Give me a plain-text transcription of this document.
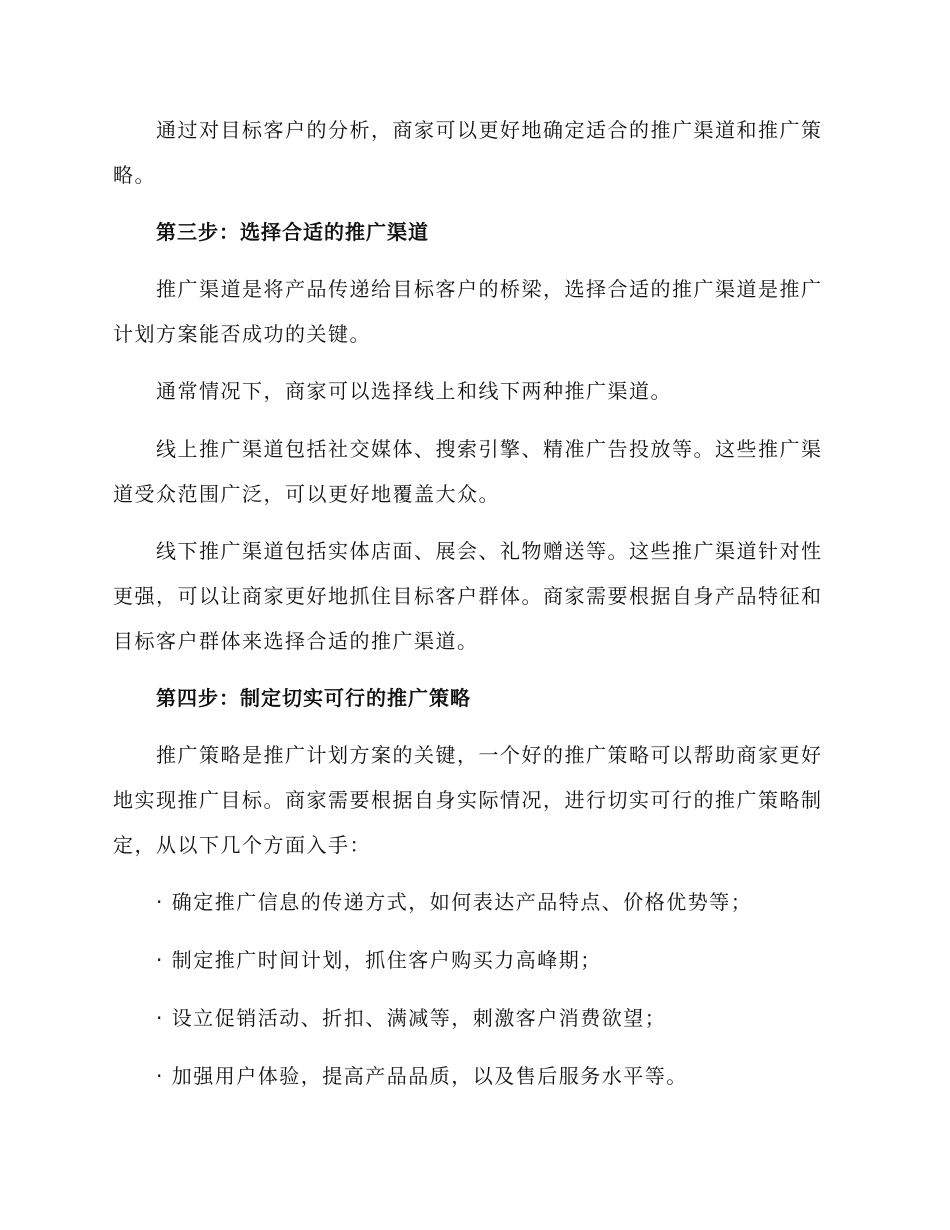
通过对目标客户的分析，商家可以更好地确定适合的推广渠道和推广策
略。
第三步：选择合适的推广渠道
推广渠道是将产品传递给目标客户的桥梁，选择合适的推广渠道是推广
计划方案能否成功的关键。
通常情况下，商家可以选择线上和线下两种推广渠道。
线上推广渠道包括社交媒体、搜索引擎、精准广告投放等。这些推广渠
道受众范围广泛，可以更好地覆盖大众。
线下推广渠道包括实体店面、展会、礼物赠送等。这些推广渠道针对性
更强，可以让商家更好地抓住目标客户群体。商家需要根据自身产品特征和
目标客户群体来选择合适的推广渠道。
第四步：制定切实可行的推广策略
推广策略是推广计划方案的关键，一个好的推广策略可以帮助商家更好
地实现推广目标。商家需要根据自身实际情况，进行切实可行的推广策略制
定，从以下几个方面入手：
· 确定推广信息的传递方式，如何表达产品特点、价格优势等；
· 制定推广时间计划，抓住客户购买力高峰期；
· 设立促销活动、折扣、满减等，刺激客户消费欲望；
· 加强用户体验，提高产品品质，以及售后服务水平等。
